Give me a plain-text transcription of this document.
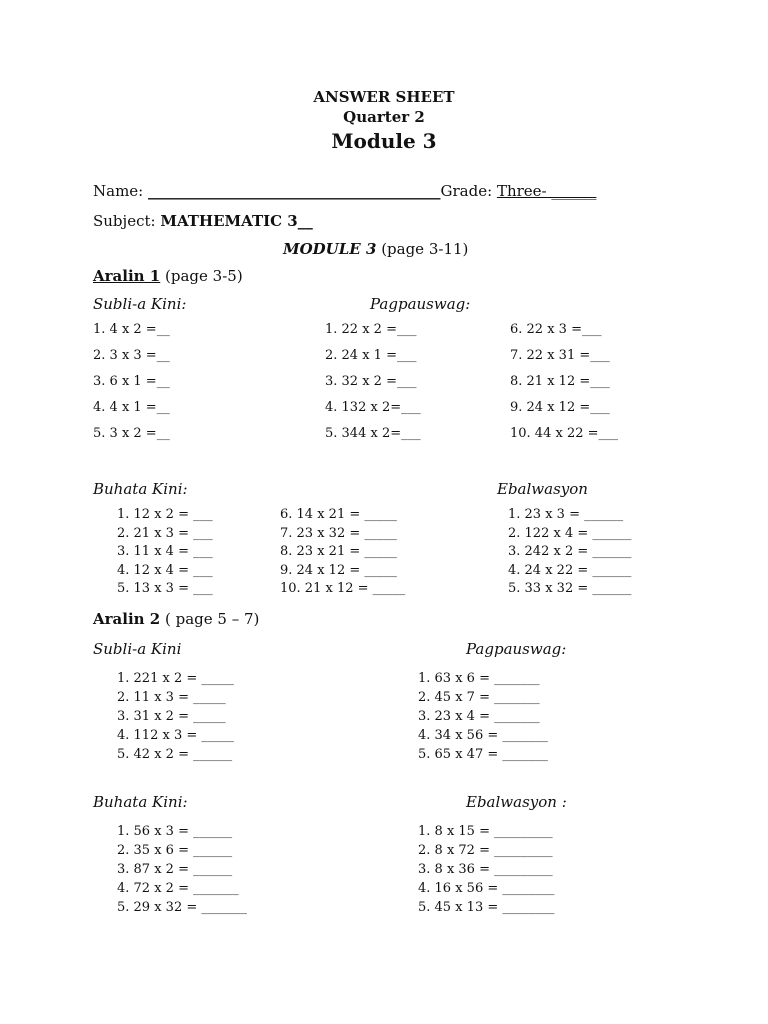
ANSWER SHEET
Quarter 2
Module 3
Name: _______________________________________Grade: Three- ______
Subject: MATHEMATIC 3__
MODULE 3 (page 3-11)
Aralin 1 (page 3-5)
Subli-a Kini:	Pagpauswag:
1. 4 x 2 =__
2. 3 x 3 =__
3. 6 x 1 =__
4. 4 x 1 =__
5. 3 x 2 =__
1. 22 x 2 =___
2. 24 x 1 =___
3. 32 x 2 =___
4. 132 x 2=___
5. 344 x 2=___
6. 22 x 3 =___
7. 22 x 31 =___
8. 21 x 12 =___
9. 24 x 12 =___
10. 44 x 22 =___
Buhata Kini:	Ebalwasyon
1. 12 x 2 = ___
2. 21 x 3 = ___
3. 11 x 4 = ___
4. 12 x 4 = ___
5. 13 x 3 = ___
6. 14 x 21 = _____
7. 23 x 32 = _____
8. 23 x 21 = _____
9. 24 x 12 = _____
10. 21 x 12 = _____
1. 23 x 3 = ______
2. 122 x 4 = ______
3. 242 x 2 = ______
4. 24 x 22 = ______
5. 33 x 32 = ______
Aralin 2 ( page 5 – 7)
Subli-a Kini	Pagpauswag:
1. 221 x 2 = _____
2. 11 x 3 = _____
3. 31 x 2 = _____
4. 112 x 3 = _____
5. 42 x 2 = ______
1. 63 x 6 = _______
2. 45 x 7 = _______
3. 23 x 4 = _______
4. 34 x 56 = _______
5. 65 x 47 = _______
Buhata Kini:	Ebalwasyon :
1. 56 x 3 = ______
2. 35 x 6 = ______
3. 87 x 2 = ______
4. 72 x 2 = _______
5. 29 x 32 = _______
1. 8 x 15 = _________
2. 8 x 72 = _________
3. 8 x 36 = _________
4. 16 x 56 = ________
5. 45 x 13 = ________
